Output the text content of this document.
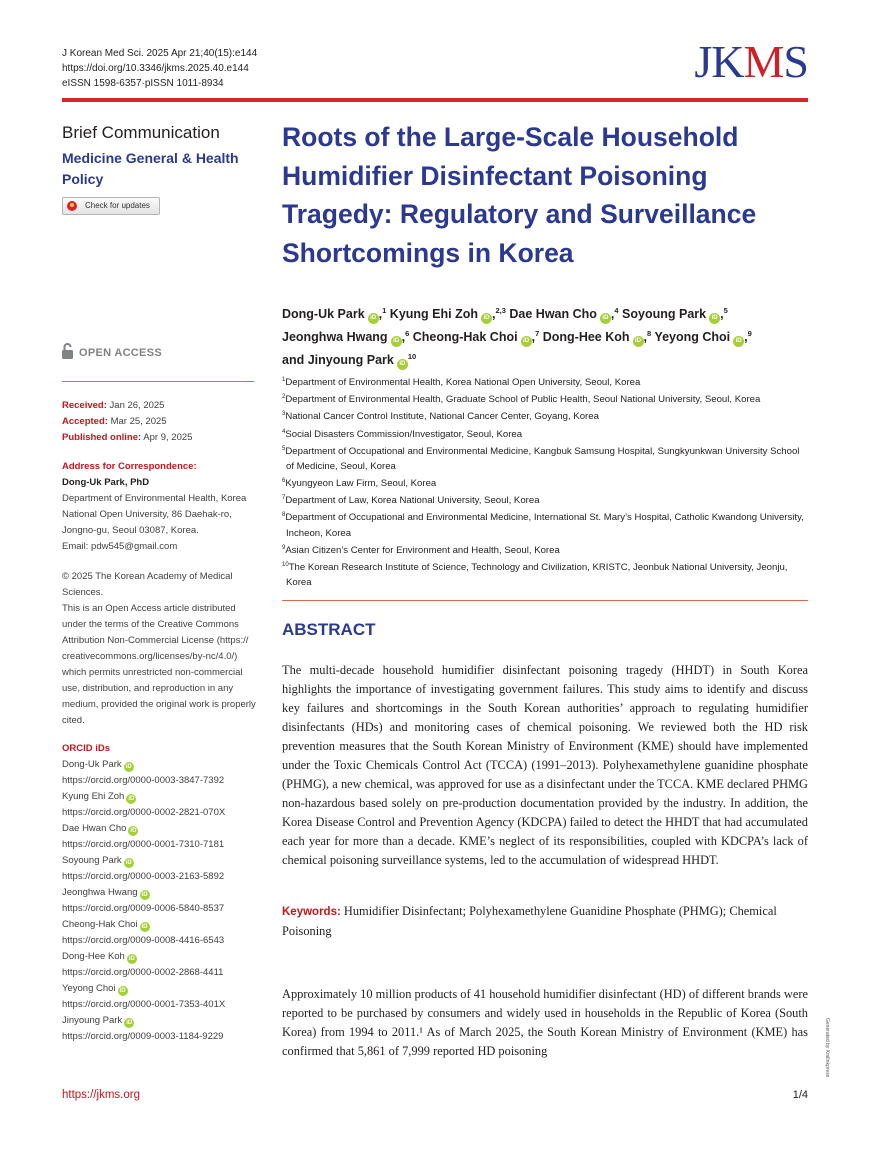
J Korean Med Sci. 2025 Apr 21;40(15):e144
https://doi.org/10.3346/jkms.2025.40.e144
eISSN 1598-6357·pISSN 1011-8934	JKMS
Brief Communication
Medicine General & Health Policy
Check for updates
OPEN ACCESS
Received: Jan 26, 2025
Accepted: Mar 25, 2025
Published online: Apr 9, 2025
Address for Correspondence:
Dong-Uk Park, PhD
Department of Environmental Health, Korea
National Open University, 86 Daehak-ro,
Jongno-gu, Seoul 03087, Korea.
Email: pdw545@gmail.com
© 2025 The Korean Academy of Medical
Sciences.
This is an Open Access article distributed
under the terms of the Creative Commons
Attribution Non-Commercial License (https://
creativecommons.org/licenses/by-nc/4.0/)
which permits unrestricted non-commercial
use, distribution, and reproduction in any
medium, provided the original work is properly
cited.
ORCID iDs
Dong-Uk Park iD
https://orcid.org/0000-0003-3847-7392
Kyung Ehi Zoh iD
https://orcid.org/0000-0002-2821-070X
Dae Hwan Cho iD
https://orcid.org/0000-0001-7310-7181
Soyoung Park iD
https://orcid.org/0000-0003-2163-5892
Jeonghwa Hwang iD
https://orcid.org/0009-0006-5840-8537
Cheong-Hak Choi iD
https://orcid.org/0009-0008-4416-6543
Dong-Hee Koh iD
https://orcid.org/0000-0002-2868-4411
Yeyong Choi iD
https://orcid.org/0000-0001-7353-401X
Jinyoung Park iD
https://orcid.org/0009-0003-1184-9229
Roots of the Large-Scale Household Humidifier Disinfectant Poisoning Tragedy: Regulatory and Surveillance Shortcomings in Korea
Dong-Uk Park iD ,$^1$ Kyung Ehi Zoh iD ,$^{2,3}$ Dae Hwan Cho iD ,$^4$ Soyoung Park iD ,$^5$
Jeonghwa Hwang iD ,$^6$ Cheong-Hak Choi iD ,$^7$ Dong-Hee Koh iD ,$^8$ Yeyong Choi iD ,$^9$
and Jinyoung Park $iD^{10}$
$^1$Department of Environmental Health, Korea National Open University, Seoul, Korea
$^2$Department of Environmental Health, Graduate School of Public Health, Seoul National University, Seoul, Korea
$^3$National Cancer Control Institute, National Cancer Center, Goyang, Korea
$^4$Social Disasters Commission/Investigator, Seoul, Korea
$^5$Department of Occupational and Environmental Medicine, Kangbuk Samsung Hospital, Sungkyunkwan University School of Medicine, Seoul, Korea
$^6$Kyungyeon Law Firm, Seoul, Korea
$^7$Department of Law, Korea National University, Seoul, Korea
$^8$Department of Occupational and Environmental Medicine, International St. Mary’s Hospital, Catholic Kwandong University, Incheon, Korea
$^9$Asian Citizen’s Center for Environment and Health, Seoul, Korea
$^{10}$The Korean Research Institute of Science, Technology and Civilization, KRISTC, Jeonbuk National University, Jeonju, Korea
ABSTRACT
The multi-decade household humidifier disinfectant poisoning tragedy (HHDT) in South Korea highlights the importance of investigating government failures. This study aims to identify and discuss key failures and shortcomings in the South Korean authorities’ approach to regulating humidifier disinfectants (HDs) and monitoring cases of chemical poisoning. We reviewed both the HD risk prevention measures that the South Korean Ministry of Environment (KME) should have implemented under the Toxic Chemicals Control Act (TCCA) (1991–2013). Polyhexamethylene guanidine phosphate (PHMG), a new chemical, was approved for use as a disinfectant under the TCCA. KME declared PHMG non-hazardous based solely on pre-production documentation provided by the industry. In addition, the Korea Disease Control and Prevention Agency (KDCPA) failed to detect the HHDT that had accumulated each year for more than a decade. KME’s neglect of its responsibilities, coupled with KDCPA’s lack of chemical poisoning surveillance systems, led to the accumulation of widespread HHDT.
Keywords: Humidifier Disinfectant; Polyhexamethylene Guanidine Phosphate (PHMG); Chemical Poisoning
Approximately 10 million products of 41 household humidifier disinfectant (HD) of different brands were reported to be purchased by consumers and widely used in households in the Republic of Korea (South Korea) from 1994 to 2011.¹ As of March 2025, the South Korean Ministry of Environment (KME) has confirmed that 5,861 of 7,999 reported HD poisoning
https://jkms.org	1/4
Generated by XmlInkpress
